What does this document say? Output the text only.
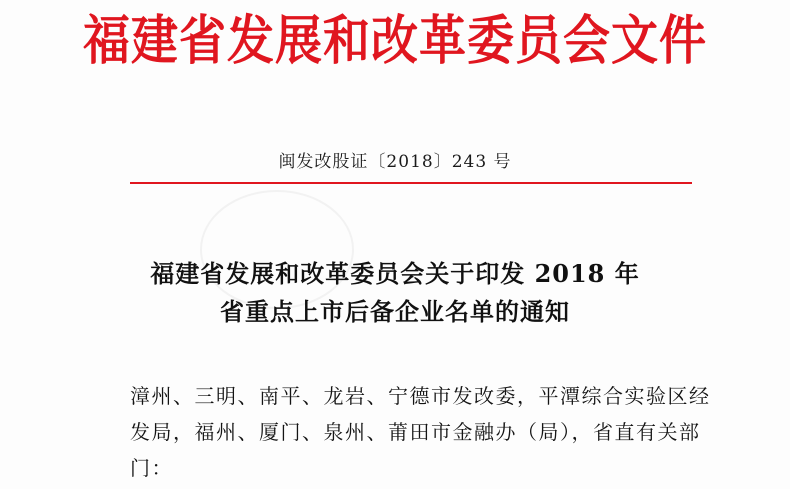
福建省发展和改革委员会文件
闽发改股证〔2018〕243 号
福建省发展和改革委员会关于印发 2018 年
省重点上市后备企业名单的通知
漳州、三明、南平、龙岩、宁德市发改委，平潭综合实验区经
发局，福州、厦门、泉州、莆田市金融办（局），省直有关部
门：
